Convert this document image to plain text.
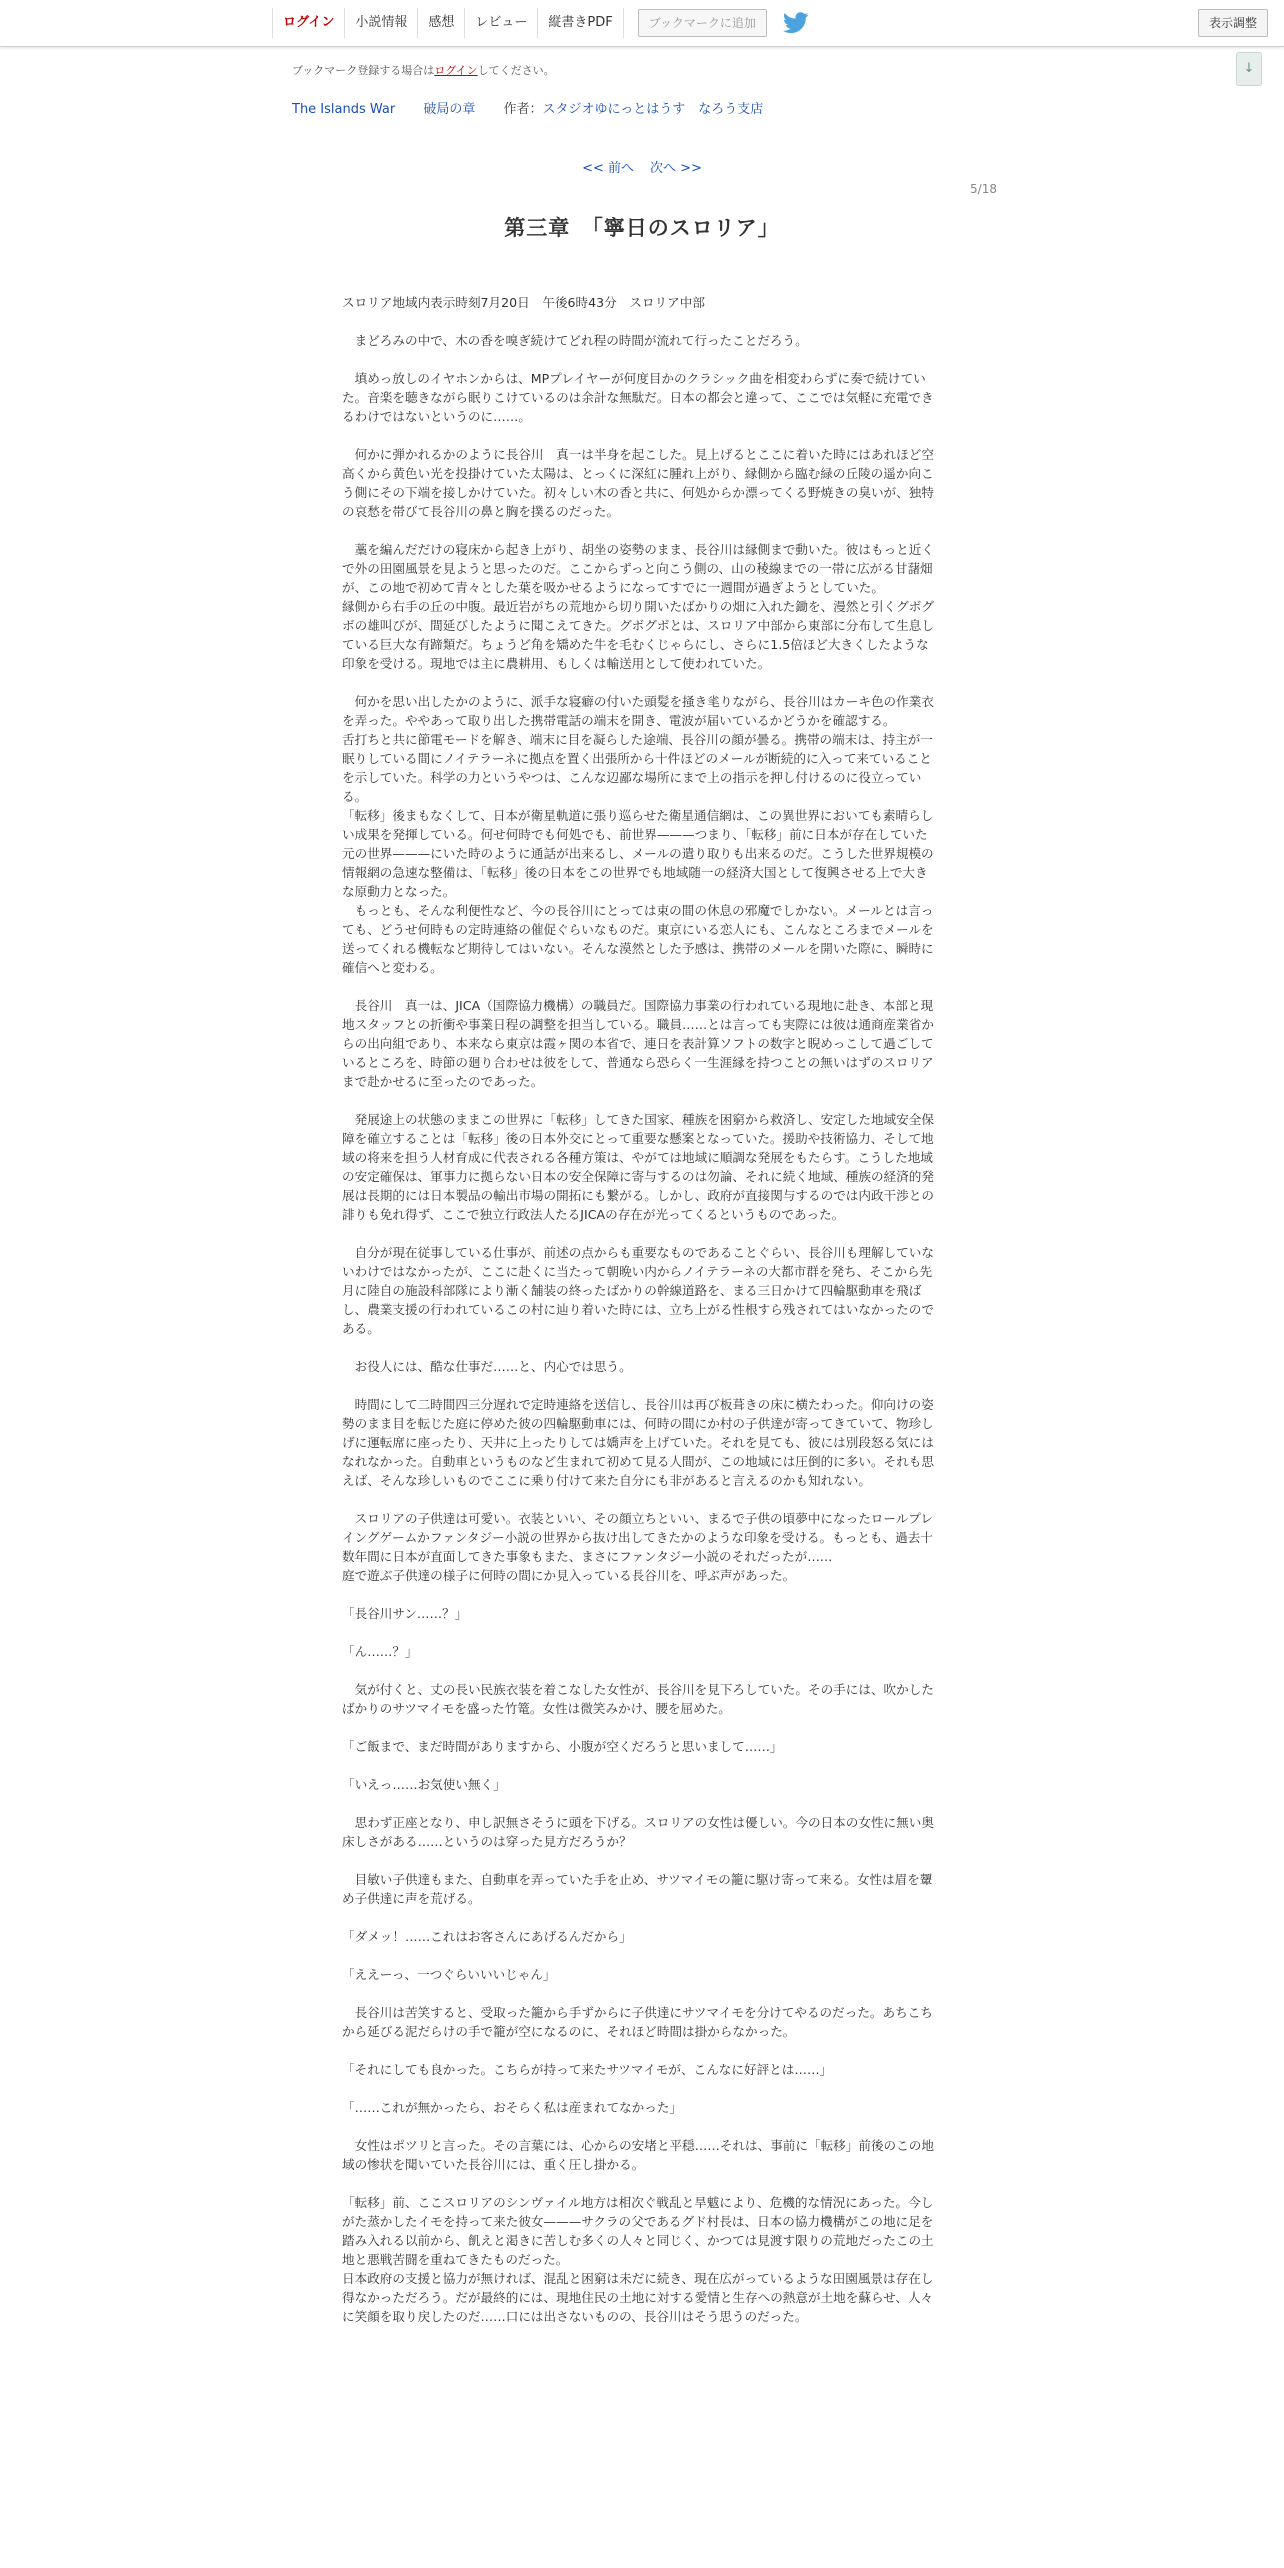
ログイン	小説情報	感想	レビュー	縦書きPDF	ブックマークに追加	表示調整
↓
ブックマーク登録する場合はログインしてください。
The Islands War 破局の章 作者：スタジオゆにっとはうす　なろう支店
<< 前へ 次へ >>
5/18
第三章　「寧日のスロリア」

スロリア地域内表示時刻7月20日　午後6時43分　スロリア中部

　まどろみの中で、木の香を嗅ぎ続けてどれ程の時間が流れて行ったことだろう。

　填めっ放しのイヤホンからは、MPプレイヤーが何度目かのクラシック曲を相変わらずに奏で続けていた。音楽を聴きながら眠りこけているのは余計な無駄だ。日本の都会と違って、ここでは気軽に充電できるわけではないというのに……。

　何かに弾かれるかのように長谷川　真一は半身を起こした。見上げるとここに着いた時にはあれほど空高くから黄色い光を投掛けていた太陽は、とっくに深紅に腫れ上がり、縁側から臨む緑の丘陵の遥か向こう側にその下端を接しかけていた。初々しい木の香と共に、何処からか漂ってくる野焼きの臭いが、独特の哀愁を帯びて長谷川の鼻と胸を撲るのだった。

　藁を編んだだけの寝床から起き上がり、胡坐の姿勢のまま、長谷川は縁側まで動いた。彼はもっと近くで外の田園風景を見ようと思ったのだ。ここからずっと向こう側の、山の稜線までの一帯に広がる甘藷畑が、この地で初めて青々とした葉を吸かせるようになってすでに一週間が過ぎようとしていた。

縁側から右手の丘の中腹。最近岩がちの荒地から切り開いたばかりの畑に入れた鋤を、漫然と引くグボグボの雄叫びが、間延びしたように聞こえてきた。グボグボとは、スロリア中部から東部に分布して生息している巨大な有蹄類だ。ちょうど角を矯めた牛を毛むくじゃらにし、さらに1.5倍ほど大きくしたような印象を受ける。現地では主に農耕用、もしくは輸送用として使われていた。

　何かを思い出したかのように、派手な寝癖の付いた頭髪を掻き毟りながら、長谷川はカーキ色の作業衣を弄った。ややあって取り出した携帯電話の端末を開き、電波が届いているかどうかを確認する。

舌打ちと共に節電モードを解き、端末に目を凝らした途端、長谷川の顔が曇る。携帯の端末は、持主が一眠りしている間にノイテラーネに拠点を置く出張所から十件ほどのメールが断続的に入って来ていることを示していた。科学の力というやつは、こんな辺鄙な場所にまで上の指示を押し付けるのに役立っている。

「転移」後まもなくして、日本が衛星軌道に張り巡らせた衛星通信網は、この異世界においても素晴らしい成果を発揮している。何せ何時でも何処でも、前世界———つまり、「転移」前に日本が存在していた元の世界———にいた時のように通話が出来るし、メールの遣り取りも出来るのだ。こうした世界規模の情報網の急速な整備は、「転移」後の日本をこの世界でも地域随一の経済大国として復興させる上で大きな原動力となった。

　もっとも、そんな利便性など、今の長谷川にとっては束の間の休息の邪魔でしかない。メールとは言っても、どうせ何時もの定時連絡の催促ぐらいなものだ。東京にいる恋人にも、こんなところまでメールを送ってくれる機転など期待してはいない。そんな漠然とした予感は、携帯のメールを開いた際に、瞬時に確信へと変わる。

　長谷川　真一は、JICA（国際協力機構）の職員だ。国際協力事業の行われている現地に赴き、本部と現地スタッフとの折衝や事業日程の調整を担当している。職員……とは言っても実際には彼は通商産業省からの出向組であり、本来なら東京は霞ヶ関の本省で、連日を表計算ソフトの数字と睨めっこして過ごしているところを、時節の廻り合わせは彼をして、普通なら恐らく一生涯縁を持つことの無いはずのスロリアまで赴かせるに至ったのであった。

　発展途上の状態のままこの世界に「転移」してきた国家、種族を困窮から救済し、安定した地域安全保障を確立することは「転移」後の日本外交にとって重要な懸案となっていた。援助や技術協力、そして地域の将来を担う人材育成に代表される各種方策は、やがては地域に順調な発展をもたらす。こうした地域の安定確保は、軍事力に拠らない日本の安全保障に寄与するのは勿論、それに続く地域、種族の経済的発展は長期的には日本製品の輸出市場の開拓にも繋がる。しかし、政府が直接関与するのでは内政干渉との誹りも免れ得ず、ここで独立行政法人たるJICAの存在が光ってくるというものであった。

　自分が現在従事している仕事が、前述の点からも重要なものであることぐらい、長谷川も理解していないわけではなかったが、ここに赴くに当たって朝晩い内からノイテラーネの大都市群を発ち、そこから先月に陸自の施設科部隊により漸く舗装の終ったばかりの幹線道路を、まる三日かけて四輪駆動車を飛ばし、農業支援の行われているこの村に辿り着いた時には、立ち上がる性根すら残されてはいなかったのである。

　お役人には、酷な仕事だ……と、内心では思う。

　時間にして二時間四三分遅れで定時連絡を送信し、長谷川は再び板葺きの床に横たわった。仰向けの姿勢のまま目を転じた庭に停めた彼の四輪駆動車には、何時の間にか村の子供達が寄ってきていて、物珍しげに運転席に座ったり、天井に上ったりしては嬌声を上げていた。それを見ても、彼には別段怒る気にはなれなかった。自動車というものなど生まれて初めて見る人間が、この地域には圧倒的に多い。それも思えば、そんな珍しいものでここに乗り付けて来た自分にも非があると言えるのかも知れない。

　スロリアの子供達は可愛い。衣装といい、その顔立ちといい、まるで子供の頃夢中になったロールプレイングゲームかファンタジー小説の世界から抜け出してきたかのような印象を受ける。もっとも、過去十数年間に日本が直面してきた事象もまた、まさにファンタジー小説のそれだったが……

庭で遊ぶ子供達の様子に何時の間にか見入っている長谷川を、呼ぶ声があった。

「長谷川サン……？」

「ん……？」

　気が付くと、丈の長い民族衣装を着こなした女性が、長谷川を見下ろしていた。その手には、吹かしたばかりのサツマイモを盛った竹篭。女性は微笑みかけ、腰を屈めた。

「ご飯まで、まだ時間がありますから、小腹が空くだろうと思いまして……」

「いえっ……お気使い無く」

　思わず正座となり、申し訳無さそうに頭を下げる。スロリアの女性は優しい。今の日本の女性に無い奥床しさがある……というのは穿った見方だろうか？

　目敏い子供達もまた、自動車を弄っていた手を止め、サツマイモの籠に駆け寄って来る。女性は眉を顰め子供達に声を荒げる。

「ダメッ！……これはお客さんにあげるんだから」

「ええーっ、一つぐらいいいじゃん」

　長谷川は苦笑すると、受取った籠から手ずからに子供達にサツマイモを分けてやるのだった。あちこちから延びる泥だらけの手で籠が空になるのに、それほど時間は掛からなかった。

「それにしても良かった。こちらが持って来たサツマイモが、こんなに好評とは……」

「……これが無かったら、おそらく私は産まれてなかった」

　女性はポツリと言った。その言葉には、心からの安堵と平穏……それは、事前に「転移」前後のこの地域の惨状を聞いていた長谷川には、重く圧し掛かる。

「転移」前、ここスロリアのシンヴァイル地方は相次ぐ戦乱と旱魃により、危機的な情況にあった。今しがた蒸かしたイモを持って来た彼女———サクラの父であるグド村長は、日本の協力機構がこの地に足を踏み入れる以前から、飢えと渇きに苦しむ多くの人々と同じく、かつては見渡す限りの荒地だったこの土地と悪戦苦闘を重ねてきたものだった。

日本政府の支援と協力が無ければ、混乱と困窮は未だに続き、現在広がっているような田園風景は存在し得なかっただろう。だが最終的には、現地住民の土地に対する愛情と生存への熱意が土地を蘇らせ、人々に笑顔を取り戻したのだ……口には出さないものの、長谷川はそう思うのだった。
